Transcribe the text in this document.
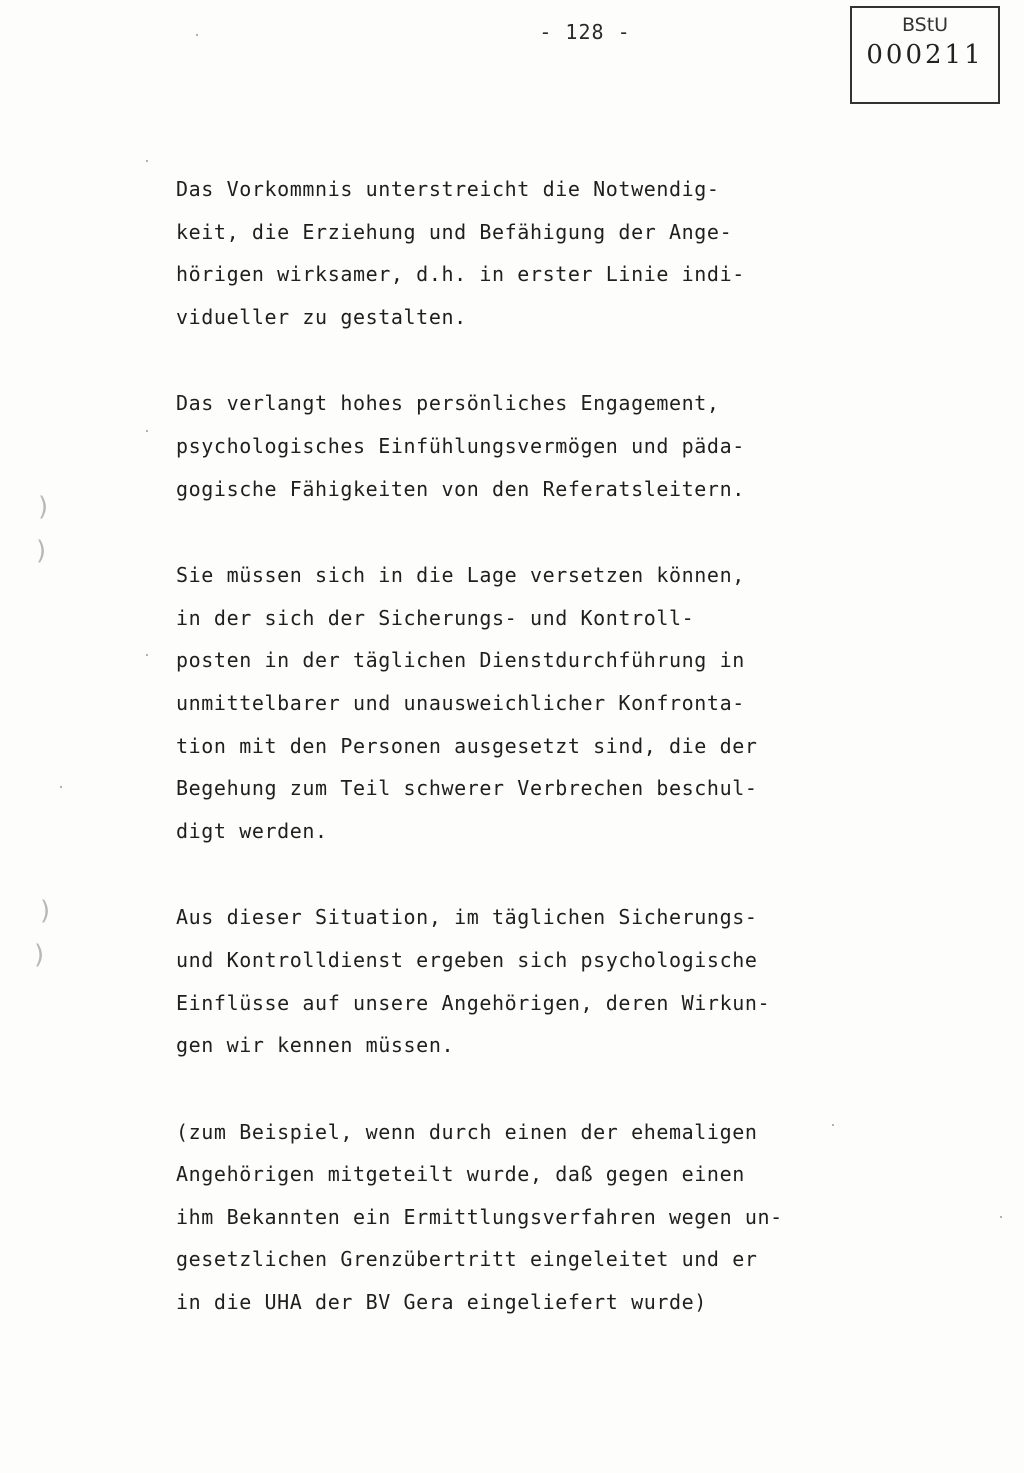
- 128 -	BStU
000211
)
)
)
)

Das Vorkommnis unterstreicht die Notwendig-
keit, die Erziehung und Befähigung der Ange-
hörigen wirksamer, d.h. in erster Linie indi-
vidueller zu gestalten.

Das verlangt hohes persönliches Engagement,
psychologisches Einfühlungsvermögen und päda-
gogische Fähigkeiten von den Referatsleitern.

Sie müssen sich in die Lage versetzen können,
in der sich der Sicherungs- und Kontroll-
posten in der täglichen Dienstdurchführung in
unmittelbarer und unausweichlicher Konfronta-
tion mit den Personen ausgesetzt sind, die der
Begehung zum Teil schwerer Verbrechen beschul-
digt werden.

Aus dieser Situation, im täglichen Sicherungs-
und Kontrolldienst ergeben sich psychologische
Einflüsse auf unsere Angehörigen, deren Wirkun-
gen wir kennen müssen.

(zum Beispiel, wenn durch einen der ehemaligen
Angehörigen mitgeteilt wurde, daß gegen einen
ihm Bekannten ein Ermittlungsverfahren wegen un-
gesetzlichen Grenzübertritt eingeleitet und er
in die UHA der BV Gera eingeliefert wurde)
